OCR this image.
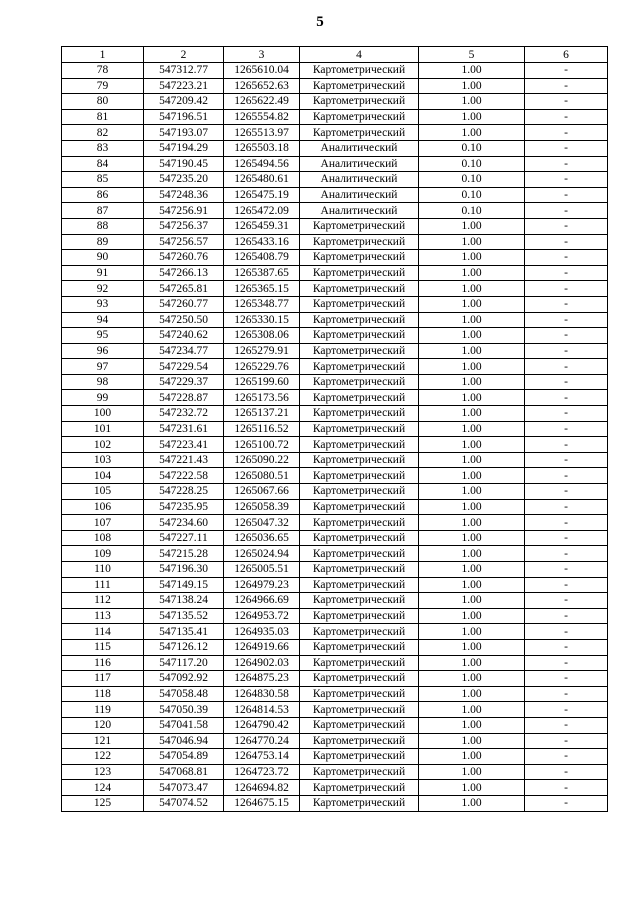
5
1	2	3	4	5	6
78	547312.77	1265610.04	Картометрический	1.00	-
79	547223.21	1265652.63	Картометрический	1.00	-
80	547209.42	1265622.49	Картометрический	1.00	-
81	547196.51	1265554.82	Картометрический	1.00	-
82	547193.07	1265513.97	Картометрический	1.00	-
83	547194.29	1265503.18	Аналитический	0.10	-
84	547190.45	1265494.56	Аналитический	0.10	-
85	547235.20	1265480.61	Аналитический	0.10	-
86	547248.36	1265475.19	Аналитический	0.10	-
87	547256.91	1265472.09	Аналитический	0.10	-
88	547256.37	1265459.31	Картометрический	1.00	-
89	547256.57	1265433.16	Картометрический	1.00	-
90	547260.76	1265408.79	Картометрический	1.00	-
91	547266.13	1265387.65	Картометрический	1.00	-
92	547265.81	1265365.15	Картометрический	1.00	-
93	547260.77	1265348.77	Картометрический	1.00	-
94	547250.50	1265330.15	Картометрический	1.00	-
95	547240.62	1265308.06	Картометрический	1.00	-
96	547234.77	1265279.91	Картометрический	1.00	-
97	547229.54	1265229.76	Картометрический	1.00	-
98	547229.37	1265199.60	Картометрический	1.00	-
99	547228.87	1265173.56	Картометрический	1.00	-
100	547232.72	1265137.21	Картометрический	1.00	-
101	547231.61	1265116.52	Картометрический	1.00	-
102	547223.41	1265100.72	Картометрический	1.00	-
103	547221.43	1265090.22	Картометрический	1.00	-
104	547222.58	1265080.51	Картометрический	1.00	-
105	547228.25	1265067.66	Картометрический	1.00	-
106	547235.95	1265058.39	Картометрический	1.00	-
107	547234.60	1265047.32	Картометрический	1.00	-
108	547227.11	1265036.65	Картометрический	1.00	-
109	547215.28	1265024.94	Картометрический	1.00	-
110	547196.30	1265005.51	Картометрический	1.00	-
111	547149.15	1264979.23	Картометрический	1.00	-
112	547138.24	1264966.69	Картометрический	1.00	-
113	547135.52	1264953.72	Картометрический	1.00	-
114	547135.41	1264935.03	Картометрический	1.00	-
115	547126.12	1264919.66	Картометрический	1.00	-
116	547117.20	1264902.03	Картометрический	1.00	-
117	547092.92	1264875.23	Картометрический	1.00	-
118	547058.48	1264830.58	Картометрический	1.00	-
119	547050.39	1264814.53	Картометрический	1.00	-
120	547041.58	1264790.42	Картометрический	1.00	-
121	547046.94	1264770.24	Картометрический	1.00	-
122	547054.89	1264753.14	Картометрический	1.00	-
123	547068.81	1264723.72	Картометрический	1.00	-
124	547073.47	1264694.82	Картометрический	1.00	-
125	547074.52	1264675.15	Картометрический	1.00	-
